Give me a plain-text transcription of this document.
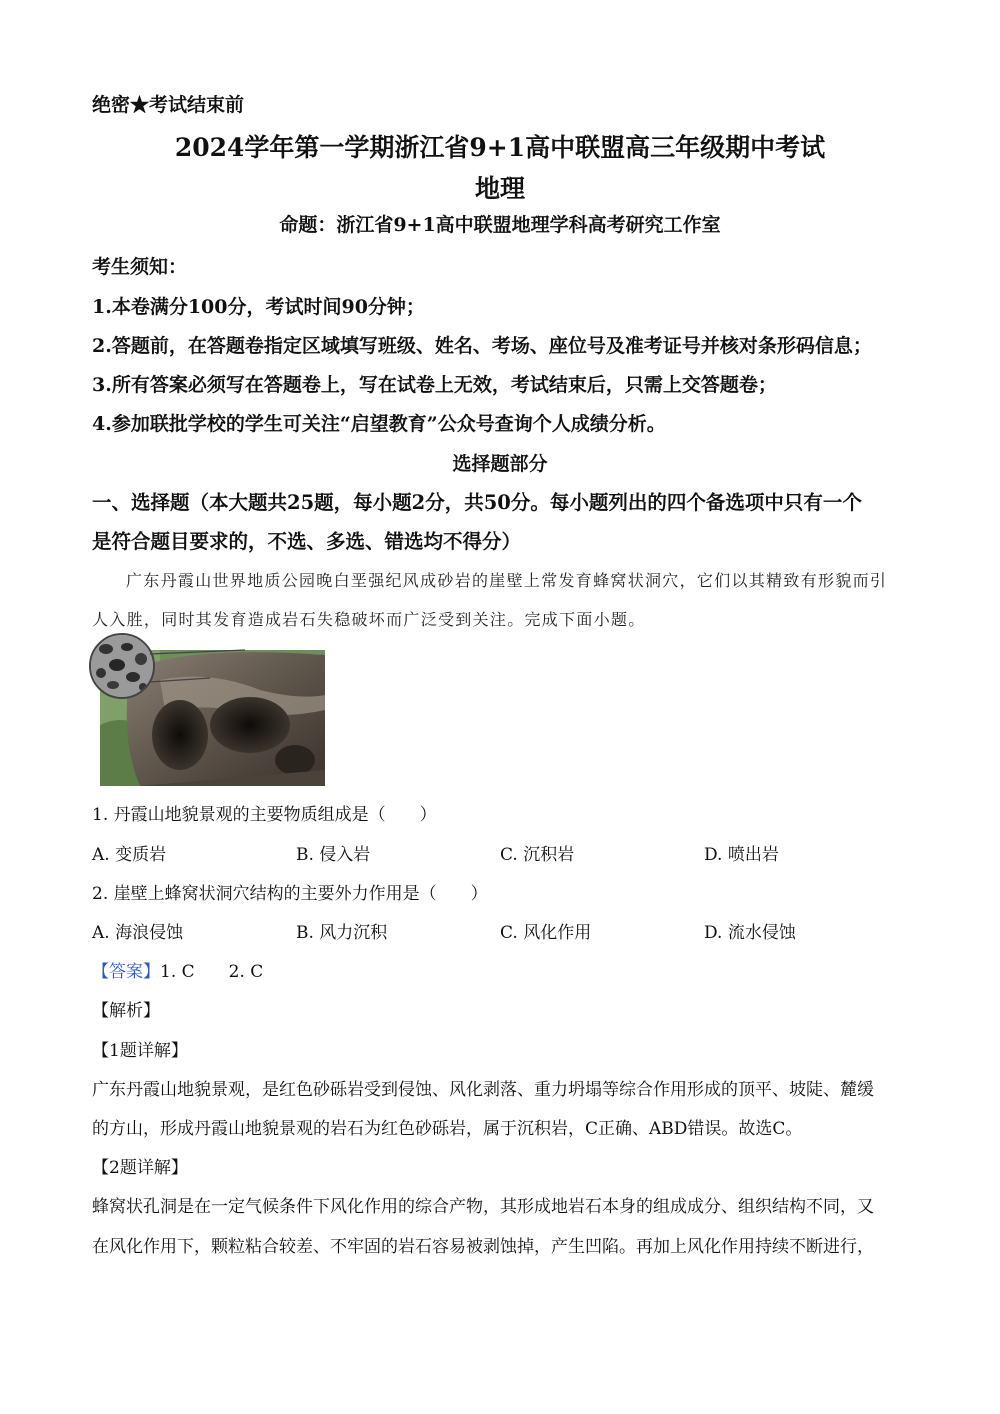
绝密★考试结束前
2024学年第一学期浙江省9+1高中联盟高三年级期中考试
地理
命题：浙江省9+1高中联盟地理学科高考研究工作室
考生须知：
1.本卷满分100分，考试时间90分钟；
2.答题前，在答题卷指定区域填写班级、姓名、考场、座位号及准考证号并核对条形码信息；
3.所有答案必须写在答题卷上，写在试卷上无效，考试结束后，只需上交答题卷；
4.参加联批学校的学生可关注“启望教育”公众号查询个人成绩分析。
选择题部分
一、选择题（本大题共25题，每小题2分，共50分。每小题列出的四个备选项中只有一个
是符合题目要求的，不选、多选、错选均不得分）
广东丹霞山世界地质公园晚白垩强纪风成砂岩的崖壁上常发育蜂窝状洞穴，它们以其精致有形貌而引
人入胜，同时其发育造成岩石失稳破坏而广泛受到关注。完成下面小题。
1. 丹霞山地貌景观的主要物质组成是（　　）
A. 变质岩	B. 侵入岩	C. 沉积岩	D. 喷出岩
2. 崖壁上蜂窝状洞穴结构的主要外力作用是（　　）
A. 海浪侵蚀	B. 风力沉积	C. 风化作用	D. 流水侵蚀
【答案】1. C　　2. C
【解析】
【1题详解】
广东丹霞山地貌景观，是红色砂砾岩受到侵蚀、风化剥落、重力坍塌等综合作用形成的顶平、坡陡、麓缓
的方山，形成丹霞山地貌景观的岩石为红色砂砾岩，属于沉积岩，C正确、ABD错误。故选C。
【2题详解】
蜂窝状孔洞是在一定气候条件下风化作用的综合产物，其形成地岩石本身的组成成分、组织结构不同，又
在风化作用下，颗粒粘合较差、不牢固的岩石容易被剥蚀掉，产生凹陷。再加上风化作用持续不断进行，
